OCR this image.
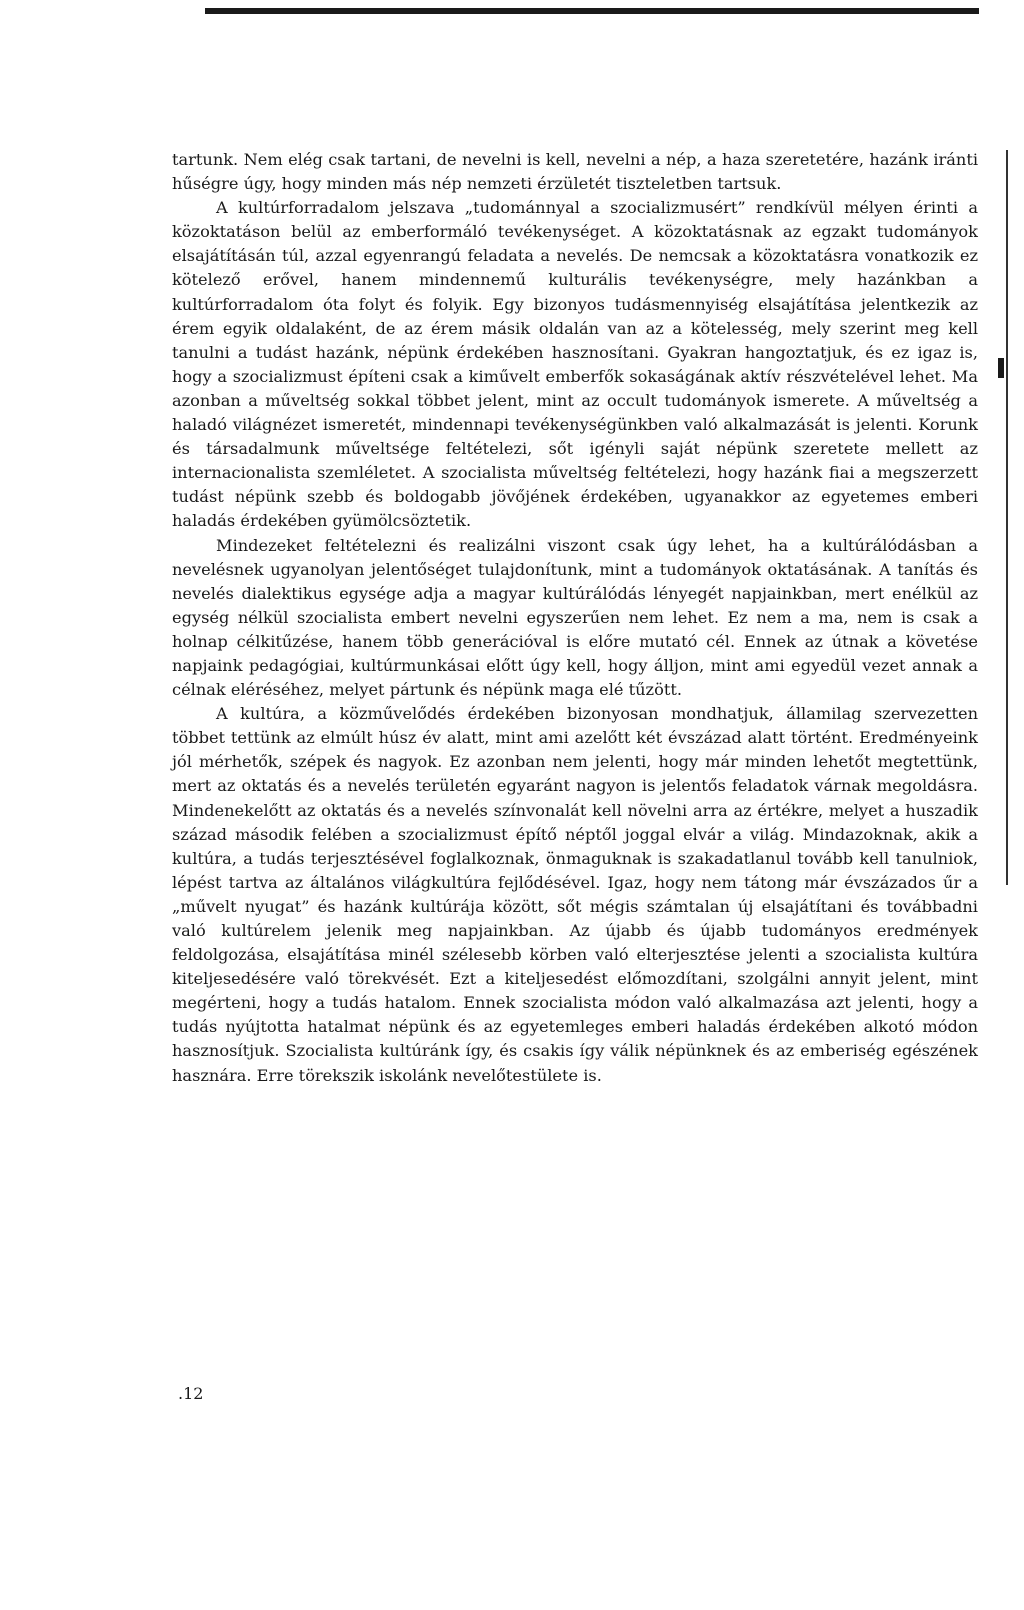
tartunk. Nem elég csak tartani, de nevelni is kell, nevelni a nép, a haza szeretetére, hazánk iránti hűségre úgy, hogy minden más nép nemzeti érzületét tiszteletben tartsuk.

A kultúrforradalom jelszava „tudománnyal a szocializmusért” rendkívül mélyen érinti a közoktatáson belül az emberformáló tevékenységet. A közoktatásnak az egzakt tudományok elsajátításán túl, azzal egyenrangú feladata a nevelés. De nemcsak a közoktatásra vonatkozik ez kötelező erővel, hanem mindennemű kulturális tevékenységre, mely hazánkban a kultúrforradalom óta folyt és folyik. Egy bizonyos tudásmennyiség elsajátítása jelentkezik az érem egyik oldalaként, de az érem másik oldalán van az a kötelesség, mely szerint meg kell tanulni a tudást hazánk, népünk érdekében hasznosítani. Gyakran hangoztatjuk, és ez igaz is, hogy a szocializmust építeni csak a kiművelt emberfők sokaságának aktív részvételével lehet. Ma azonban a műveltség sokkal többet jelent, mint az occult tudományok ismerete. A műveltség a haladó világnézet ismeretét, mindennapi tevékenységünkben való alkalmazását is jelenti. Korunk és társadalmunk műveltsége feltételezi, sőt igényli saját népünk szeretete mellett az internacionalista szemléletet. A szocialista műveltség feltételezi, hogy hazánk fiai a megszerzett tudást népünk szebb és boldogabb jövőjének érdekében, ugyanakkor az egyetemes emberi haladás érdekében gyümölcsöztetik.

Mindezeket feltételezni és realizálni viszont csak úgy lehet, ha a kultúrálódásban a nevelésnek ugyanolyan jelentőséget tulajdonítunk, mint a tudományok oktatásának. A tanítás és nevelés dialektikus egysége adja a magyar kultúrálódás lényegét napjainkban, mert enélkül az egység nélkül szocialista embert nevelni egyszerűen nem lehet. Ez nem a ma, nem is csak a holnap célkitűzése, hanem több generációval is előre mutató cél. Ennek az útnak a követése napjaink pedagógiai, kultúrmunkásai előtt úgy kell, hogy álljon, mint ami egyedül vezet annak a célnak eléréséhez, melyet pártunk és népünk maga elé tűzött.

A kultúra, a közművelődés érdekében bizonyosan mondhatjuk, államilag szervezetten többet tettünk az elmúlt húsz év alatt, mint ami azelőtt két évszázad alatt történt. Eredményeink jól mérhetők, szépek és nagyok. Ez azonban nem jelenti, hogy már minden lehetőt megtettünk, mert az oktatás és a nevelés területén egyaránt nagyon is jelentős feladatok várnak megoldásra. Mindenekelőtt az oktatás és a nevelés színvonalát kell növelni arra az értékre, melyet a huszadik század második felében a szocializmust építő néptől joggal elvár a világ. Mindazoknak, akik a kultúra, a tudás terjesztésével foglalkoznak, önmaguknak is szakadatlanul tovább kell tanulniok, lépést tartva az általános világkultúra fejlődésével. Igaz, hogy nem tátong már évszázados űr a „művelt nyugat” és hazánk kultúrája között, sőt mégis számtalan új elsajátítani és továbbadni való kultúrelem jelenik meg napjainkban. Az újabb és újabb tudományos eredmények feldolgozása, elsajátítása minél szélesebb körben való elterjesztése jelenti a szocialista kultúra kiteljesedésére való törekvését. Ezt a kiteljesedést előmozdítani, szolgálni annyit jelent, mint megérteni, hogy a tudás hatalom. Ennek szocialista módon való alkalmazása azt jelenti, hogy a tudás nyújtotta hatalmat népünk és az egyetemleges emberi haladás érdekében alkotó módon hasznosítjuk. Szocialista kultúránk így, és csakis így válik népünknek és az emberiség egészének hasznára. Erre törekszik iskolánk nevelőtestülete is.

.12
